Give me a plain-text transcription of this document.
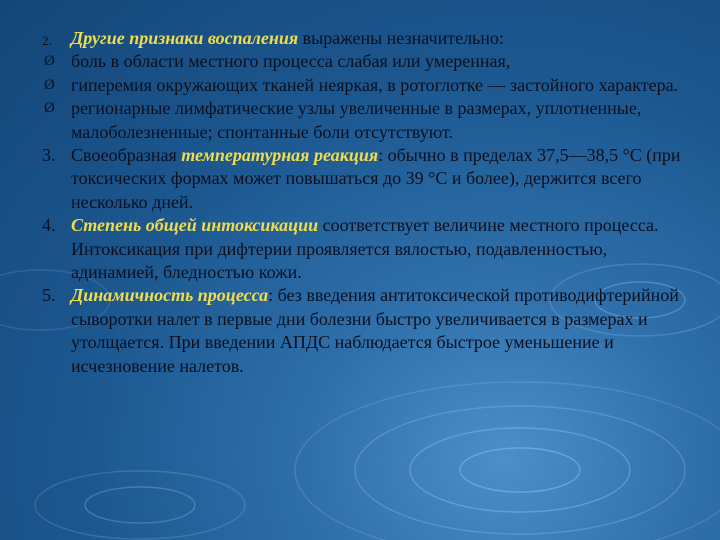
2.	Другие признаки воспаления выражены незначительно:
Ø боль в области местного процесса слабая или умеренная,
Ø гиперемия окружающих тканей неяркая, в ротоглотке — застойного характера.
Ø регионарные лимфатические узлы увеличенные в размерах, уплотненные, малоболезненные; спонтанные боли отсутствуют.
3. Своеобразная температурная реакция: обычно в пределах 37,5—38,5 °С (при токсических формах может повышаться до 39 °С и более), держится всего несколько дней.
4. Степень общей интоксикации соответствует величине местного процесса. Интоксикация при дифтерии проявляется вялостью, подавленностью, адинамией, бледностью кожи.
5. Динамичность процесса: без введения антитоксической противодифтерийной сыворотки налет в первые дни болезни быстро увеличивается в размерах и утолщается. При введении АПДС наблюдается быстрое уменьшение и исчезновение налетов.
